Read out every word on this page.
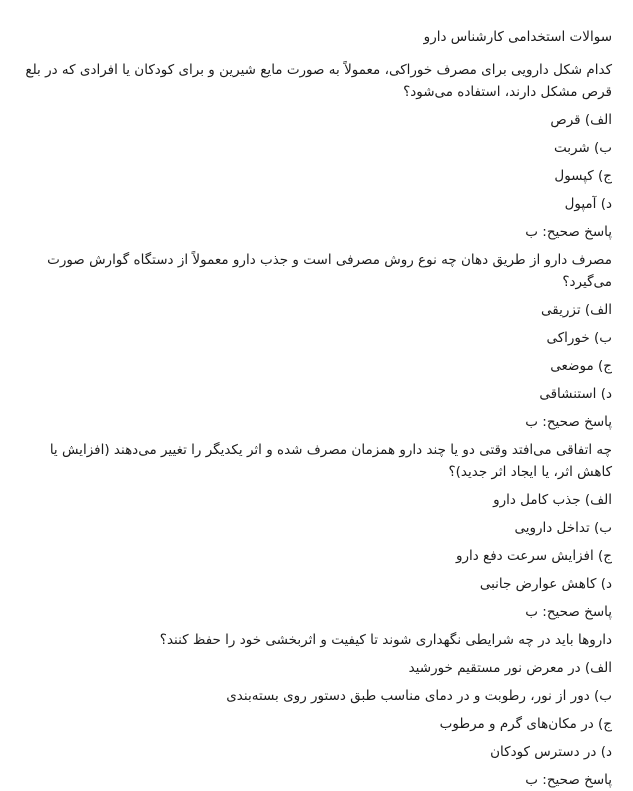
سوالات استخدامی کارشناس دارو

کدام شکل دارویی برای مصرف خوراکی، معمولاً به صورت مایع شیرین و برای کودکان یا افرادی که در بلع قرص مشکل دارند، استفاده می‌شود؟

الف) قرص

ب) شربت

ج) کپسول

د) آمپول

پاسخ صحیح: ب

مصرف دارو از طریق دهان چه نوع روش مصرفی است و جذب دارو معمولاً از دستگاه گوارش صورت می‌گیرد؟

الف) تزریقی

ب) خوراکی

ج) موضعی

د) استنشاقی

پاسخ صحیح: ب

چه اتفاقی می‌افتد وقتی دو یا چند دارو همزمان مصرف شده و اثر یکدیگر را تغییر می‌دهند (افزایش یا کاهش اثر، یا ایجاد اثر جدید)؟

الف) جذب کامل دارو

ب) تداخل دارویی

ج) افزایش سرعت دفع دارو

د) کاهش عوارض جانبی

پاسخ صحیح: ب

داروها باید در چه شرایطی نگهداری شوند تا کیفیت و اثربخشی خود را حفظ کنند؟

الف) در معرض نور مستقیم خورشید

ب) دور از نور، رطوبت و در دمای مناسب طبق دستور روی بسته‌بندی

ج) در مکان‌های گرم و مرطوب

د) در دسترس کودکان

پاسخ صحیح: ب
